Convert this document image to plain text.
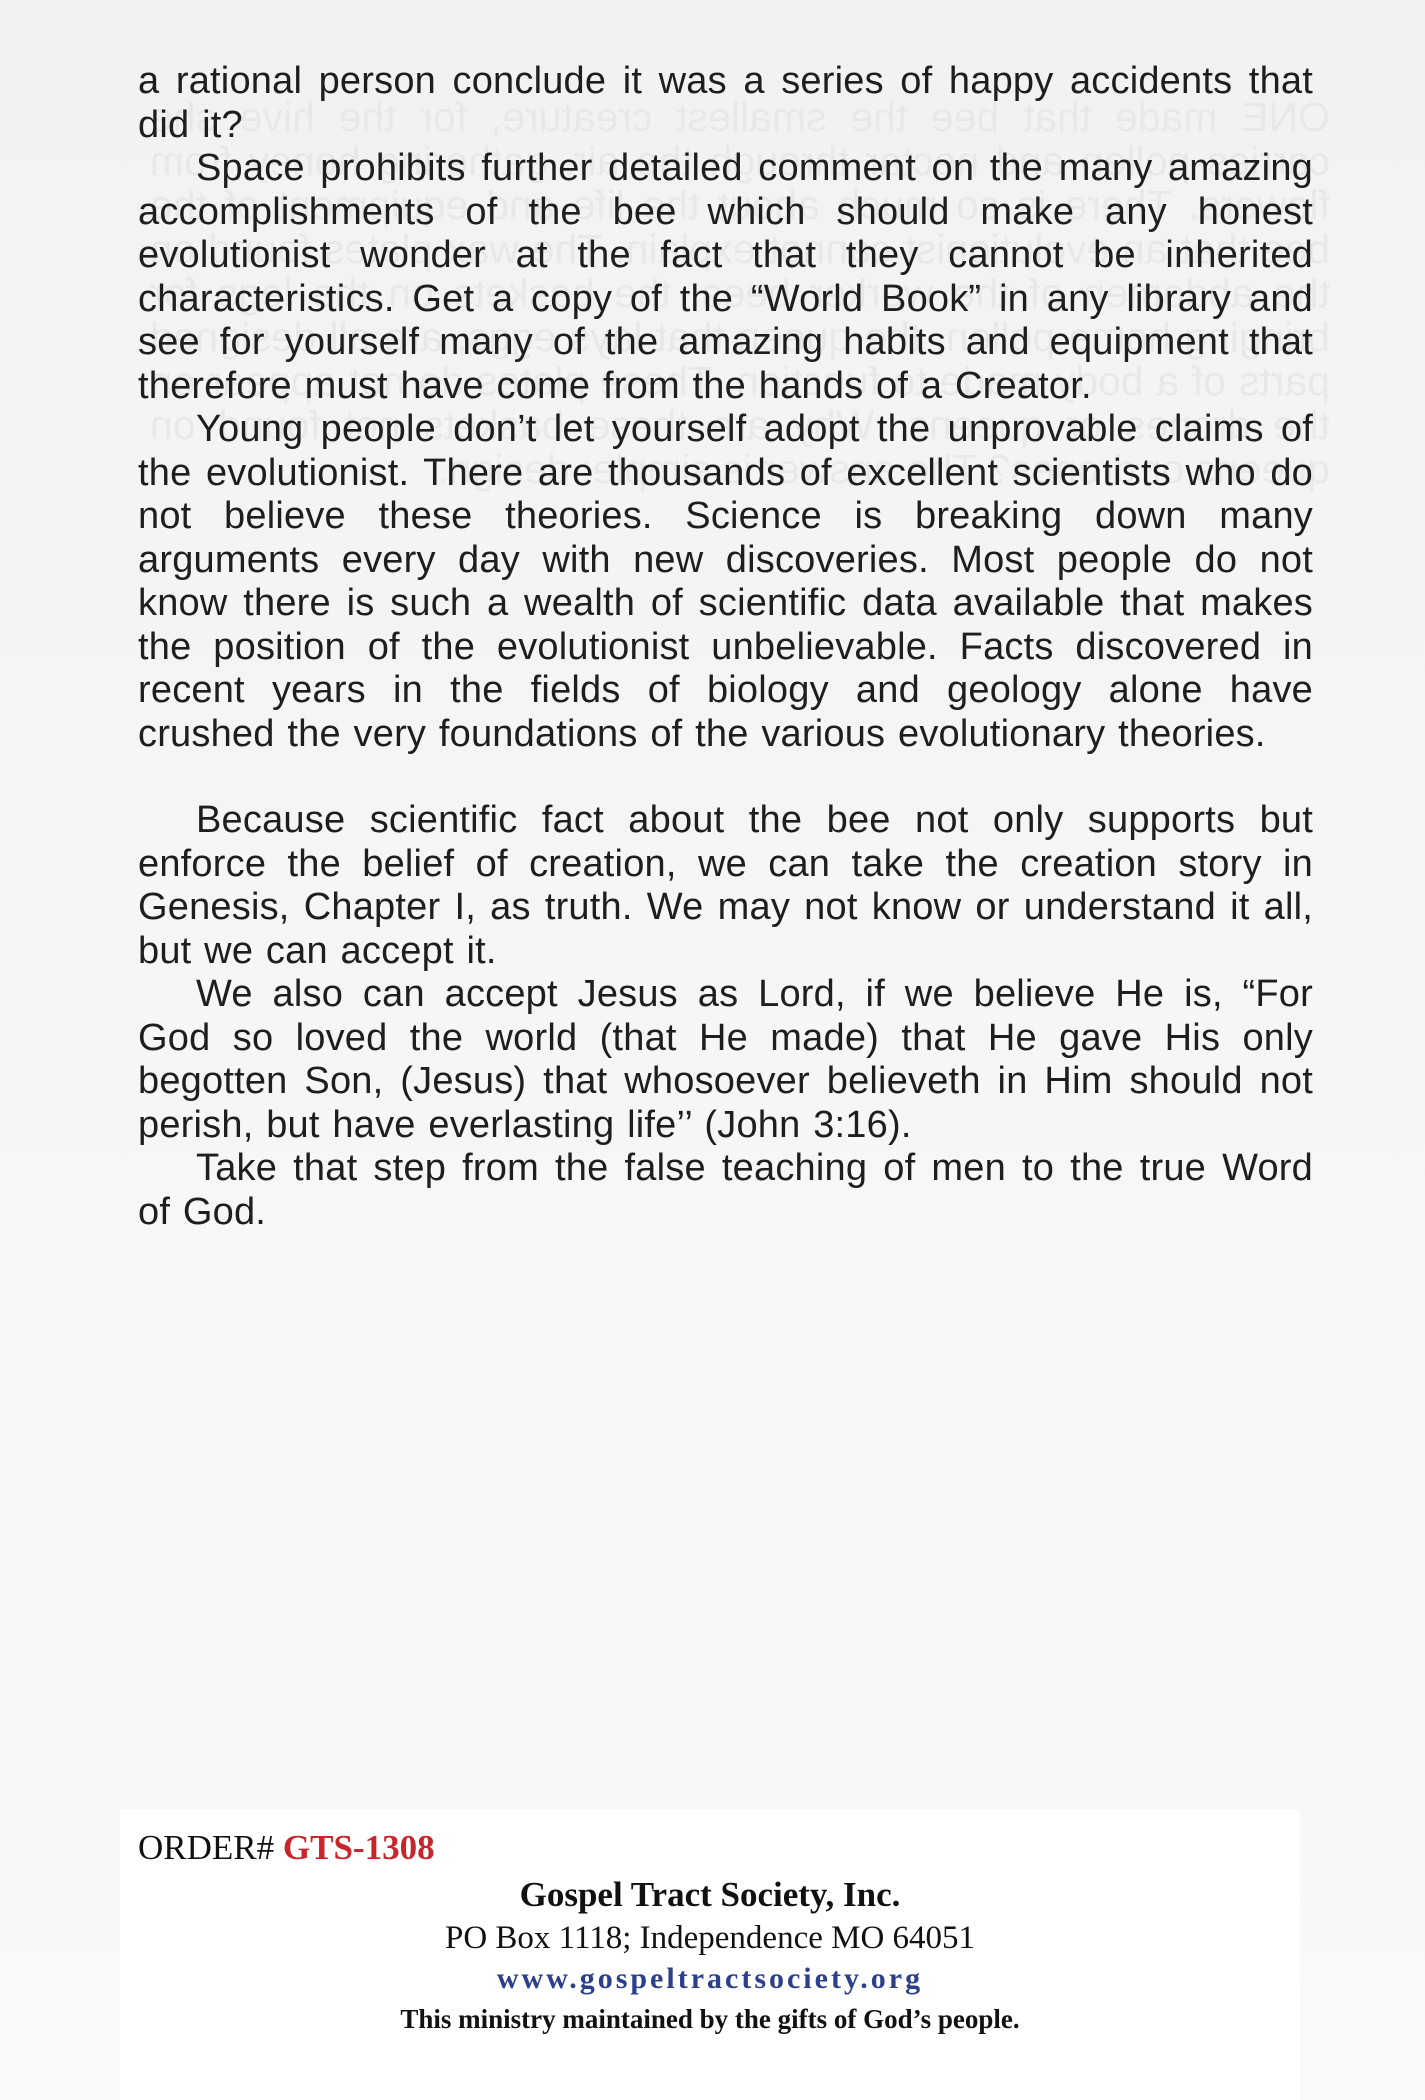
a rational person conclude it was a series of happy accidents that did it?

Space prohibits further detailed comment on the many amazing accomplishments of the bee which should make any honest evolutionist wonder at the fact that they cannot be inherited characteristics. Get a copy of the “World Book” in any library and see for yourself many of the amazing habits and equipment that therefore must have come from the hands of a Creator.

Young people don’t let yourself adopt the unprovable claims of the evolutionist. There are thousands of excellent scientists who do not believe these theories. Science is breaking down many arguments every day with new discoveries. Most people do not know there is such a wealth of scientific data available that makes the position of the evolutionist unbelievable. Facts discovered in recent years in the fields of biology and geology alone have crushed the very foundations of the various evolutionary theories.

Because scientific fact about the bee not only supports but enforce the belief of creation, we can take the creation story in Genesis, Chapter I, as truth. We may not know or understand it all, but we can accept it.

We also can accept Jesus as Lord, if we believe He is, “For God so loved the world (that He made) that He gave His only begotten Son, (Jesus) that whosoever believeth in Him should not perish, but have everlasting life’’ (John 3:16).

Take that step from the false teaching of men to the true Word of God.

ORDER# GTS-1308
Gospel Tract Society, Inc.
PO Box 1118; Independence MO 64051
www.gospeltractsociety.org
This ministry maintained by the gifts of God’s people.
